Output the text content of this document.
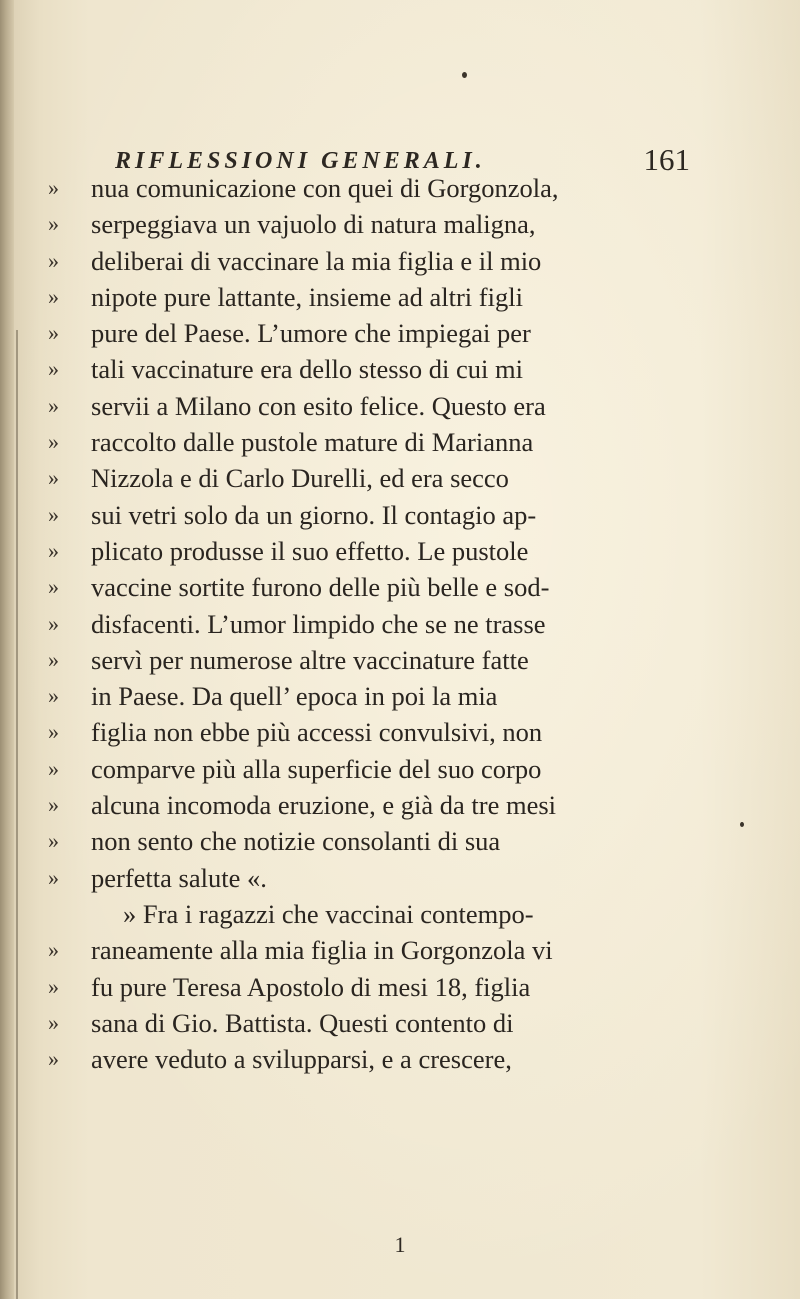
RIFLESSIONI GENERALI.	161
»	nua comunicazione con quei di Gorgonzola,
»	serpeggiava un vajuolo di natura maligna,
»	deliberai di vaccinare la mia figlia e il mio
»	nipote pure lattante, insieme ad altri figli
»	pure del Paese. L’umore che impiegai per
»	tali vaccinature era dello stesso di cui mi
»	servii a Milano con esito felice. Questo era
»	raccolto dalle pustole mature di Marianna
»	Nizzola e di Carlo Durelli, ed era secco
»	sui vetri solo da un giorno. Il contagio ap-
»	plicato produsse il suo effetto. Le pustole
»	vaccine sortite furono delle più belle e sod-
»	disfacenti. L’umor limpido che se ne trasse
»	servì per numerose altre vaccinature fatte
»	in Paese. Da quell’ epoca in poi la mia
»	figlia non ebbe più accessi convulsivi, non
»	comparve più alla superficie del suo corpo
»	alcuna incomoda eruzione, e già da tre mesi
»	non sento che notizie consolanti di sua
»	perfetta salute «.
» Fra i ragazzi che vaccinai contempo-
»	raneamente alla mia figlia in Gorgonzola vi
»	fu pure Teresa Apostolo di mesi 18, figlia
»	sana di Gio. Battista. Questi contento di
»	avere veduto a svilupparsi, e a crescere,
1
